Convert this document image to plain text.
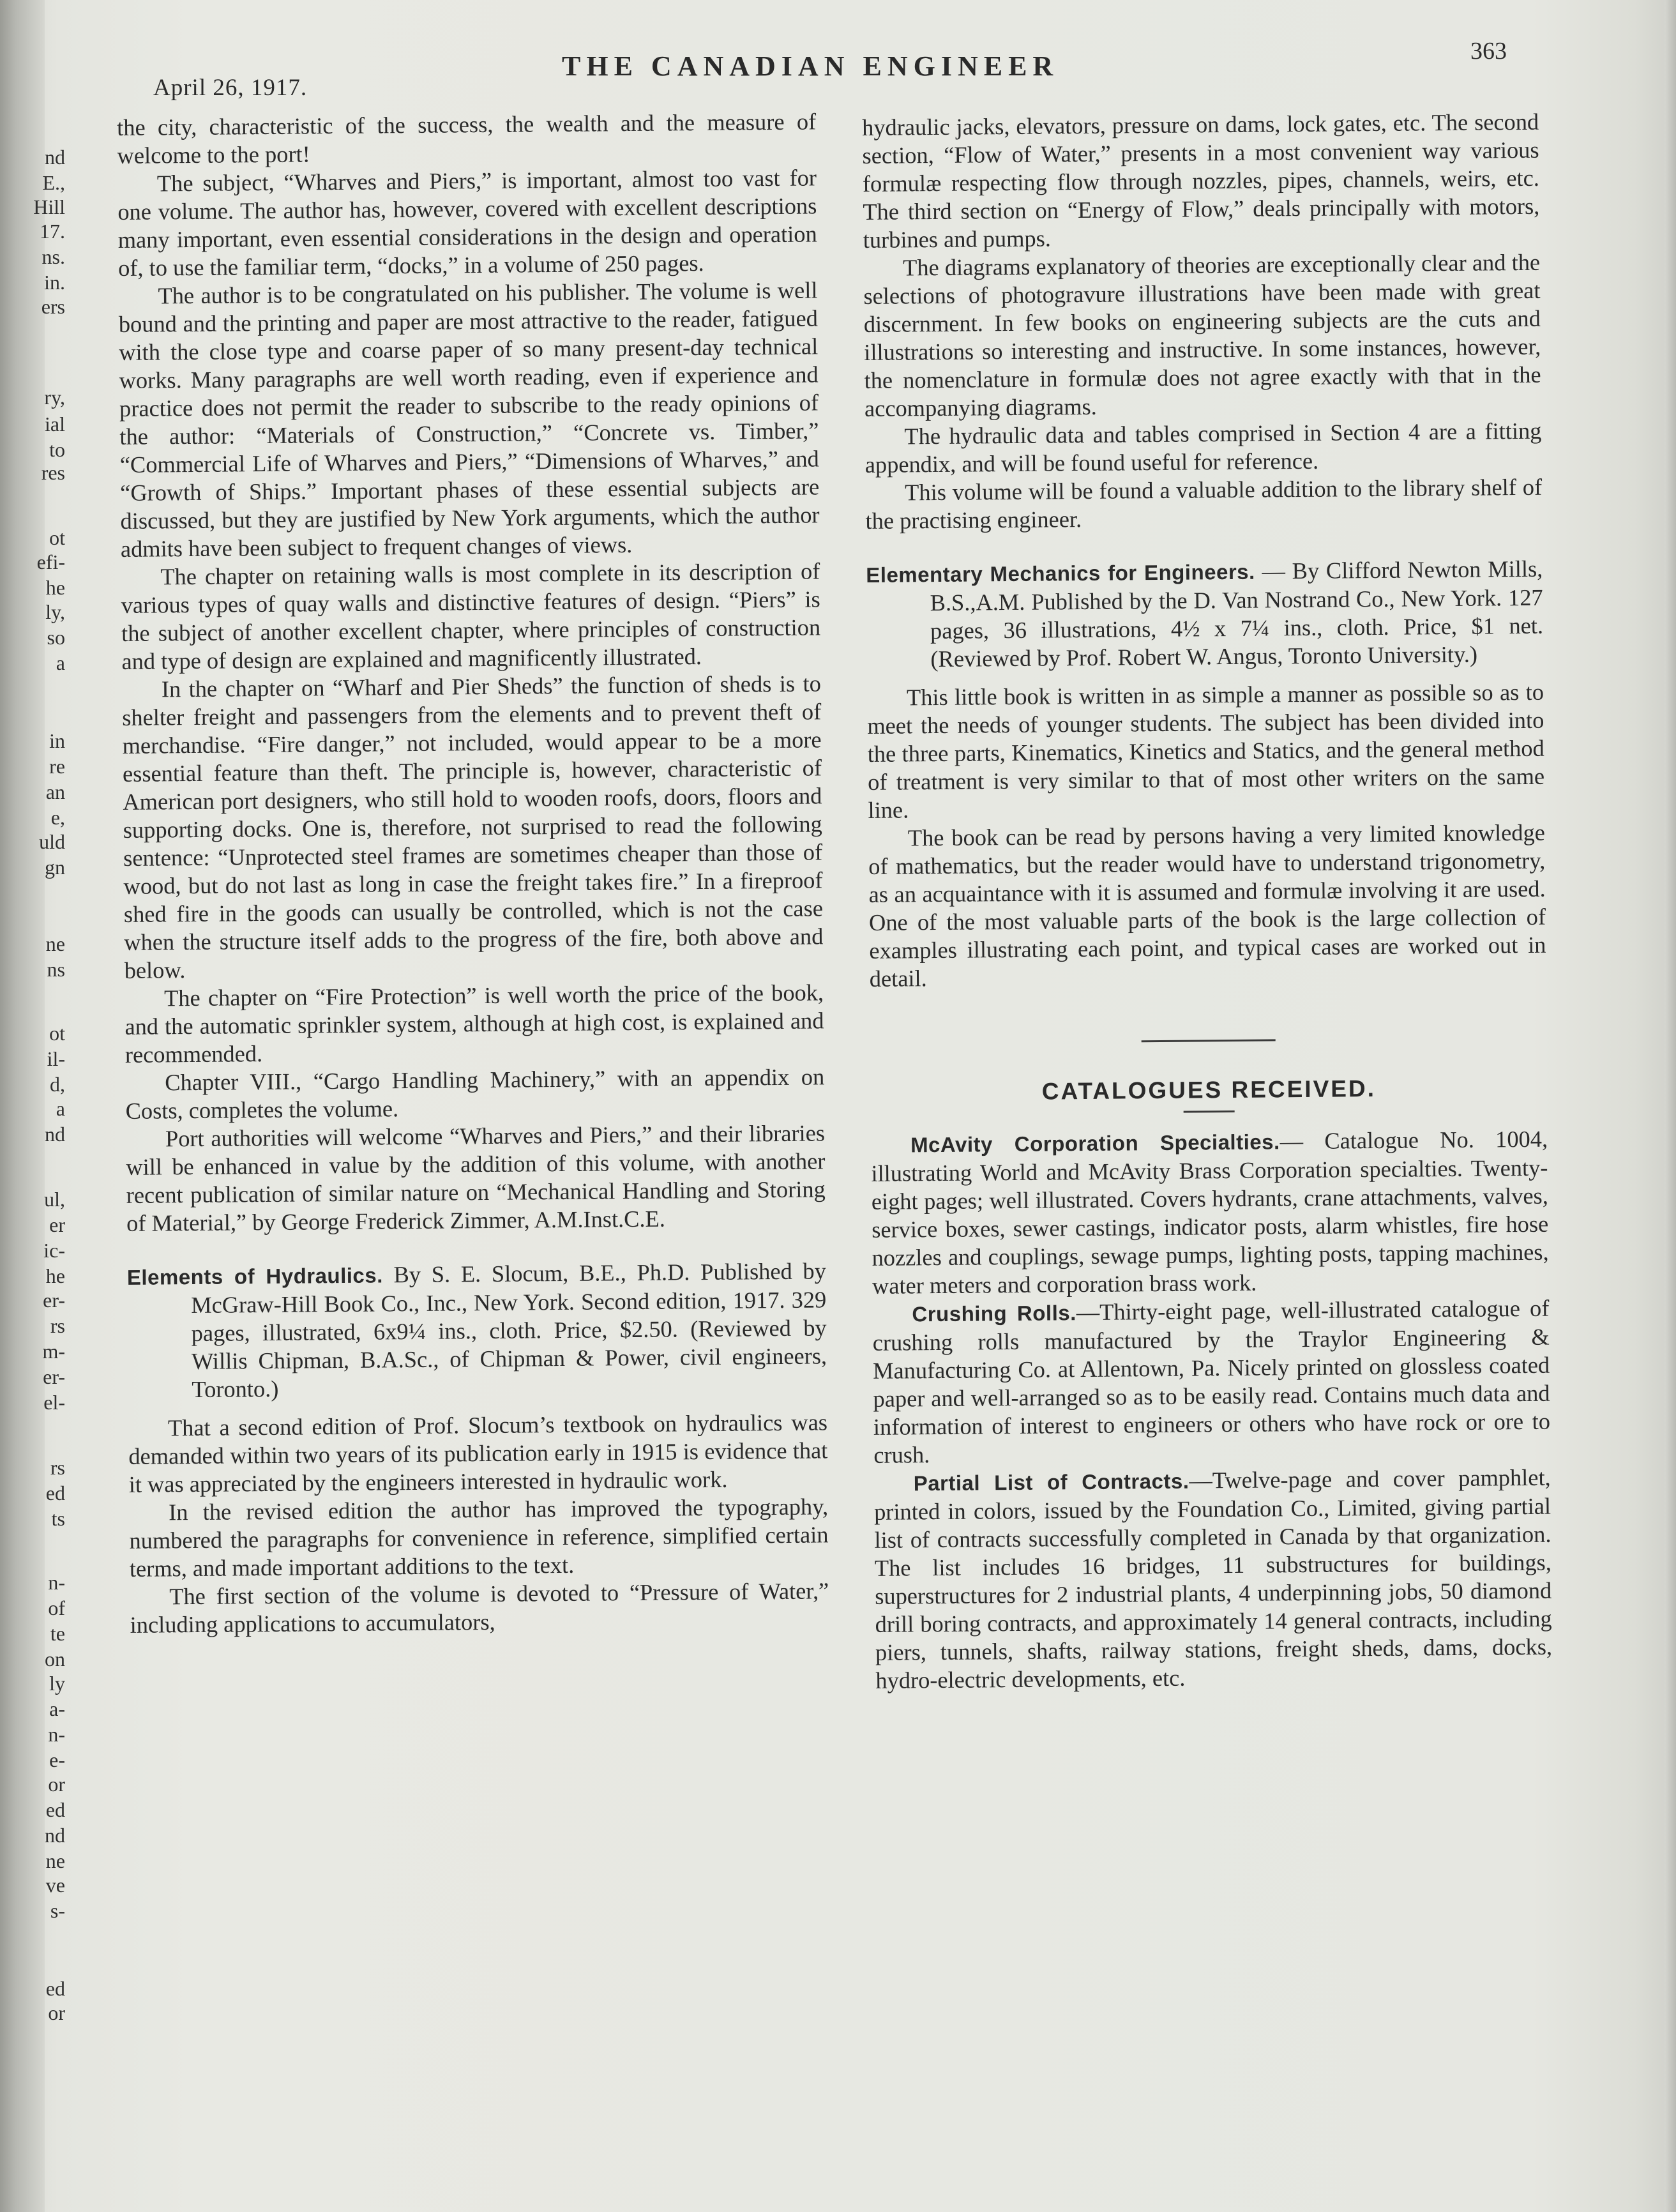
nd
E.,
Hill
17.
ns.
in.
ers
ry,
ial
to
res
ot
efi-
he
ly,
so
a
in
re
an
e,
uld
gn
ne
ns
ot
il-
d,
a
nd
ul,
er
ic-
he
er-
rs
m-
er-
el-
rs
ed
ts
n-
of
te
on
ly
a-
n-
e-
or
ed
nd
ne
ve
s-
ed
or
April 26, 1917.
THE CANADIAN ENGINEER	363

the city, characteristic of the success, the wealth and the measure of welcome to the port!

The subject, “Wharves and Piers,” is important, almost too vast for one volume. The author has, however, covered with excellent descriptions many important, even essential considerations in the design and operation of, to use the familiar term, “docks,” in a volume of 250 pages.

The author is to be congratulated on his publisher. The volume is well bound and the printing and paper are most attractive to the reader, fatigued with the close type and coarse paper of so many present-day technical works. Many paragraphs are well worth reading, even if experience and practice does not permit the reader to subscribe to the ready opinions of the author: “Materials of Construction,” “Concrete vs. Timber,” “Commercial Life of Wharves and Piers,” “Dimensions of Wharves,” and “Growth of Ships.” Important phases of these essential subjects are discussed, but they are justified by New York arguments, which the author admits have been subject to frequent changes of views.

The chapter on retaining walls is most complete in its description of various types of quay walls and distinctive features of design. “Piers” is the subject of another excellent chapter, where principles of construction and type of design are explained and magnificently illustrated.

In the chapter on “Wharf and Pier Sheds” the function of sheds is to shelter freight and passengers from the elements and to prevent theft of merchandise. “Fire danger,” not included, would appear to be a more essential feature than theft. The principle is, however, characteristic of American port designers, who still hold to wooden roofs, doors, floors and supporting docks. One is, therefore, not surprised to read the following sentence: “Unprotected steel frames are sometimes cheaper than those of wood, but do not last as long in case the freight takes fire.” In a fireproof shed fire in the goods can usually be controlled, which is not the case when the structure itself adds to the progress of the fire, both above and below.

The chapter on “Fire Protection” is well worth the price of the book, and the automatic sprinkler system, although at high cost, is explained and recommended.

Chapter VIII., “Cargo Handling Machinery,” with an appendix on Costs, completes the volume.

Port authorities will welcome “Wharves and Piers,” and their libraries will be enhanced in value by the addition of this volume, with another recent publication of similar nature on “Mechanical Handling and Storing of Material,” by George Frederick Zimmer, A.M.Inst.C.E.

Elements of Hydraulics. By S. E. Slocum, B.E., Ph.D. Published by McGraw-Hill Book Co., Inc., New York. Second edition, 1917. 329 pages, illustrated, 6x9¼ ins., cloth. Price, $2.50. (Reviewed by Willis Chipman, B.A.Sc., of Chipman & Power, civil engineers, Toronto.)

That a second edition of Prof. Slocum’s textbook on hydraulics was demanded within two years of its publication early in 1915 is evidence that it was appreciated by the engineers interested in hydraulic work.

In the revised edition the author has improved the typography, numbered the paragraphs for convenience in reference, simplified certain terms, and made important additions to the text.

The first section of the volume is devoted to “Pressure of Water,” including applications to accumulators,

hydraulic jacks, elevators, pressure on dams, lock gates, etc. The second section, “Flow of Water,” presents in a most convenient way various formulæ respecting flow through nozzles, pipes, channels, weirs, etc. The third section on “Energy of Flow,” deals principally with motors, turbines and pumps.

The diagrams explanatory of theories are exceptionally clear and the selections of photogravure illustrations have been made with great discernment. In few books on engineering subjects are the cuts and illustrations so interesting and instructive. In some instances, however, the nomenclature in formulæ does not agree exactly with that in the accompanying diagrams.

The hydraulic data and tables comprised in Section 4 are a fitting appendix, and will be found useful for reference.

This volume will be found a valuable addition to the library shelf of the practising engineer.

Elementary Mechanics for Engineers. — By Clifford Newton Mills, B.S.,A.M. Published by the D. Van Nostrand Co., New York. 127 pages, 36 illustrations, 4½ x 7¼ ins., cloth. Price, $1 net. (Reviewed by Prof. Robert W. Angus, Toronto University.)

This little book is written in as simple a manner as possible so as to meet the needs of younger students. The subject has been divided into the three parts, Kinematics, Kinetics and Statics, and the general method of treatment is very similar to that of most other writers on the same line.

The book can be read by persons having a very limited knowledge of mathematics, but the reader would have to understand trigonometry, as an acquaintance with it is assumed and formulæ involving it are used. One of the most valuable parts of the book is the large collection of examples illustrating each point, and typical cases are worked out in detail.

CATALOGUES RECEIVED.

McAvity Corporation Specialties.— Catalogue No. 1004, illustrating World and McAvity Brass Corporation specialties. Twenty-eight pages; well illustrated. Covers hydrants, crane attachments, valves, service boxes, sewer castings, indicator posts, alarm whistles, fire hose nozzles and couplings, sewage pumps, lighting posts, tapping machines, water meters and corporation brass work.

Crushing Rolls.—Thirty-eight page, well-illustrated catalogue of crushing rolls manufactured by the Traylor Engineering & Manufacturing Co. at Allentown, Pa. Nicely printed on glossless coated paper and well-arranged so as to be easily read. Contains much data and information of interest to engineers or others who have rock or ore to crush.

Partial List of Contracts.—Twelve-page and cover pamphlet, printed in colors, issued by the Foundation Co., Limited, giving partial list of contracts successfully completed in Canada by that organization. The list includes 16 bridges, 11 substructures for buildings, superstructures for 2 industrial plants, 4 underpinning jobs, 50 diamond drill boring contracts, and approximately 14 general contracts, including piers, tunnels, shafts, railway stations, freight sheds, dams, docks, hydro-electric developments, etc.
